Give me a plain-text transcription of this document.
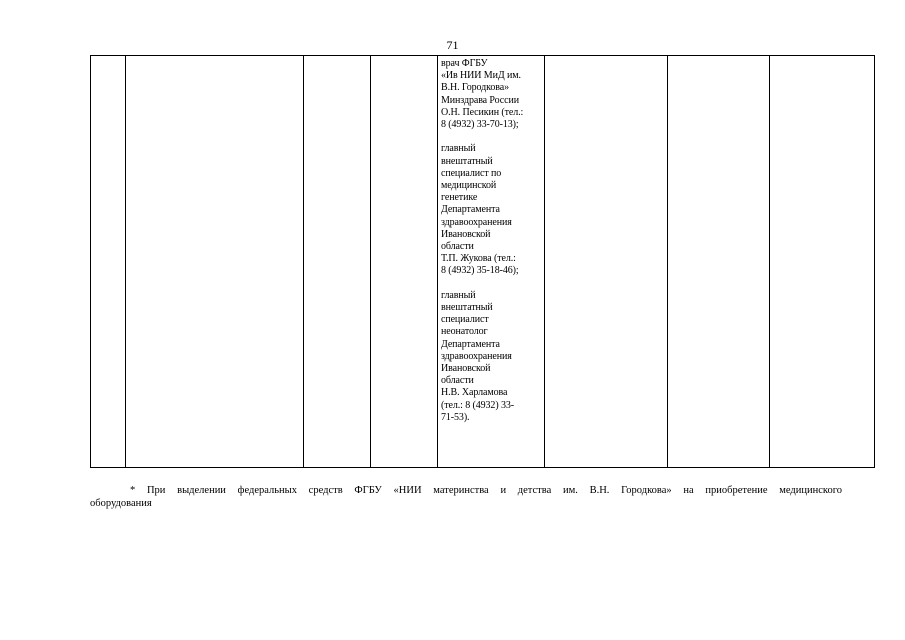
71

врач ФГБУ
«Ив НИИ МиД им.
В.Н. Городкова»
Минздрава России
О.Н. Песикин (тел.:
8 (4932) 33-70-13);
главный
внештатный
специалист по
медицинской
генетике
Департамента
здравоохранения
Ивановской
области
Т.П. Жукова (тел.:
8 (4932) 35-18-46);
главный
внештатный
специалист
неонатолог
Департамента
здравоохранения
Ивановской
области
Н.В. Харламова
(тел.: 8 (4932) 33-
71-53).

* При выделении федеральных средств ФГБУ «НИИ материнства и детства им. В.Н. Городкова» на приобретение медицинского
оборудования
